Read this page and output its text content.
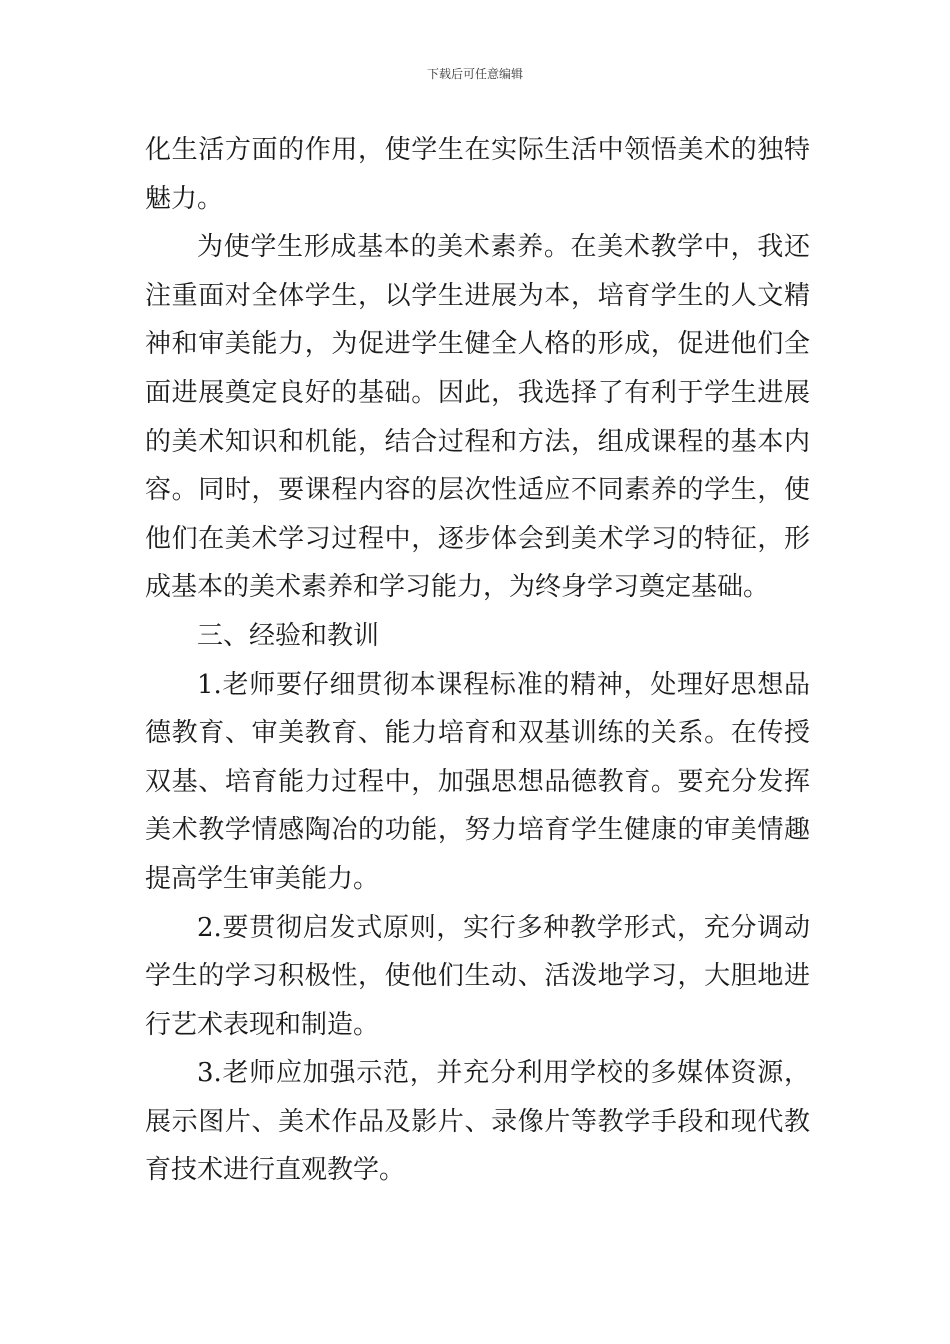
下载后可任意编辑

化生活方面的作用，使学生在实际生活中领悟美术的独特魅力。

为使学生形成基本的美术素养。在美术教学中，我还注重面对全体学生，以学生进展为本，培育学生的人文精神和审美能力，为促进学生健全人格的形成，促进他们全面进展奠定良好的基础。因此，我选择了有利于学生进展的美术知识和机能，结合过程和方法，组成课程的基本内容。同时，要课程内容的层次性适应不同素养的学生，使他们在美术学习过程中，逐步体会到美术学习的特征，形成基本的美术素养和学习能力，为终身学习奠定基础。

三、经验和教训

1.老师要仔细贯彻本课程标准的精神，处理好思想品德教育、审美教育、能力培育和双基训练的关系。在传授双基、培育能力过程中，加强思想品德教育。要充分发挥美术教学情感陶冶的功能，努力培育学生健康的审美情趣提高学生审美能力。

2.要贯彻启发式原则，实行多种教学形式，充分调动学生的学习积极性，使他们生动、活泼地学习，大胆地进行艺术表现和制造。

3.老师应加强示范，并充分利用学校的多媒体资源，展示图片、美术作品及影片、录像片等教学手段和现代教育技术进行直观教学。
